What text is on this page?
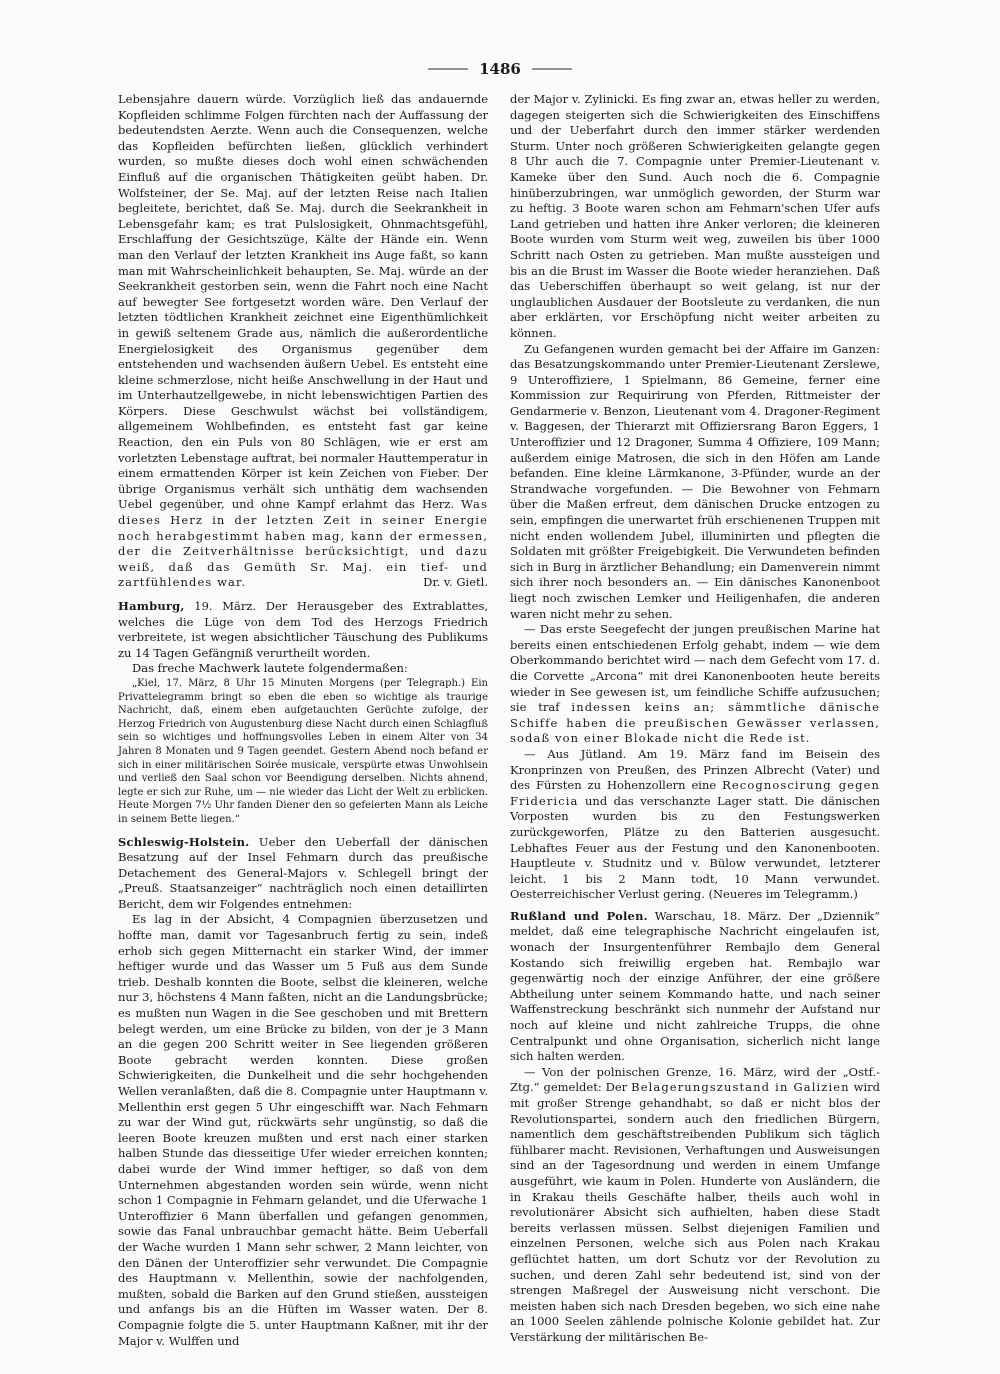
1486

Lebensjahre dauern würde. Vorzüglich ließ das andauernde Kopfleiden schlimme Folgen fürchten nach der Auffassung der bedeutendsten Aerzte. Wenn auch die Consequenzen, welche das Kopfleiden befürchten ließen, glücklich verhindert wurden, so mußte dieses doch wohl einen schwächenden Einfluß auf die organischen Thätigkeiten geübt haben. Dr. Wolfsteiner, der Se. Maj. auf der letzten Reise nach Italien begleitete, berichtet, daß Se. Maj. durch die Seekrankheit in Lebensgefahr kam; es trat Pulslosigkeit, Ohnmachtsgefühl, Erschlaffung der Gesichtszüge, Kälte der Hände ein. Wenn man den Verlauf der letzten Krankheit ins Auge faßt, so kann man mit Wahrscheinlichkeit behaupten, Se. Maj. würde an der Seekrankheit gestorben sein, wenn die Fahrt noch eine Nacht auf bewegter See fortgesetzt worden wäre. Den Verlauf der letzten tödtlichen Krankheit zeichnet eine Eigenthümlichkeit in gewiß seltenem Grade aus, nämlich die außerordentliche Energielosigkeit des Organismus gegenüber dem entstehenden und wachsenden äußern Uebel. Es entsteht eine kleine schmerzlose, nicht heiße Anschwellung in der Haut und im Unterhautzellgewebe, in nicht lebenswichtigen Partien des Körpers. Diese Geschwulst wächst bei vollständigem, allgemeinem Wohlbefinden, es entsteht fast gar keine Reaction, den ein Puls von 80 Schlägen, wie er erst am vorletzten Lebenstage auftrat, bei normaler Hauttemperatur in einem ermattenden Körper ist kein Zeichen von Fieber. Der übrige Organismus verhält sich unthätig dem wachsenden Uebel gegenüber, und ohne Kampf erlahmt das Herz. Was dieses Herz in der letzten Zeit in seiner Energie noch herabgestimmt haben mag, kann der ermessen, der die Zeitverhältnisse berücksichtigt, und dazu weiß, daß das Gemüth Sr. Maj. ein tief- und zartfühlendes war.	Dr. v. Gietl.

Hamburg, 19. März. Der Herausgeber des Extrablattes, welches die Lüge von dem Tod des Herzogs Friedrich verbreitete, ist wegen absichtlicher Täuschung des Publikums zu 14 Tagen Gefängniß verurtheilt worden.

Das freche Machwerk lautete folgendermaßen:

„Kiel, 17. März, 8 Uhr 15 Minuten Morgens (per Telegraph.) Ein Privattelegramm bringt so eben die eben so wichtige als traurige Nachricht, daß, einem eben aufgetauchten Gerüchte zufolge, der Herzog Friedrich von Augustenburg diese Nacht durch einen Schlagfluß sein so wichtiges und hoffnungsvolles Leben in einem Alter von 34 Jahren 8 Monaten und 9 Tagen geendet. Gestern Abend noch befand er sich in einer militärischen Soirée musicale, verspürte etwas Unwohlsein und verließ den Saal schon vor Beendigung derselben. Nichts ahnend, legte er sich zur Ruhe, um — nie wieder das Licht der Welt zu erblicken. Heute Morgen 7½ Uhr fanden Diener den so gefeierten Mann als Leiche in seinem Bette liegen.“

Schleswig-Holstein. Ueber den Ueberfall der dänischen Besatzung auf der Insel Fehmarn durch das preußische Detachement des General-Majors v. Schlegell bringt der „Preuß. Staatsanzeiger“ nachträglich noch einen detaillirten Bericht, dem wir Folgendes entnehmen:

Es lag in der Absicht, 4 Compagnien überzusetzen und hoffte man, damit vor Tagesanbruch fertig zu sein, indeß erhob sich gegen Mitternacht ein starker Wind, der immer heftiger wurde und das Wasser um 5 Fuß aus dem Sunde trieb. Deshalb konnten die Boote, selbst die kleineren, welche nur 3, höchstens 4 Mann faßten, nicht an die Landungsbrücke; es mußten nun Wagen in die See geschoben und mit Brettern belegt werden, um eine Brücke zu bilden, von der je 3 Mann an die gegen 200 Schritt weiter in See liegenden größeren Boote gebracht werden konnten. Diese großen Schwierigkeiten, die Dunkelheit und die sehr hochgehenden Wellen veranlaßten, daß die 8. Compagnie unter Hauptmann v. Mellenthin erst gegen 5 Uhr eingeschifft war. Nach Fehmarn zu war der Wind gut, rückwärts sehr ungünstig, so daß die leeren Boote kreuzen mußten und erst nach einer starken halben Stunde das diesseitige Ufer wieder erreichen konnten; dabei wurde der Wind immer heftiger, so daß von dem Unternehmen abgestanden worden sein würde, wenn nicht schon 1 Compagnie in Fehmarn gelandet, und die Uferwache 1 Unteroffizier 6 Mann überfallen und gefangen genommen, sowie das Fanal unbrauchbar gemacht hätte. Beim Ueberfall der Wache wurden 1 Mann sehr schwer, 2 Mann leichter, von den Dänen der Unteroffizier sehr verwundet. Die Compagnie des Hauptmann v. Mellenthin, sowie der nachfolgenden, mußten, sobald die Barken auf den Grund stießen, aussteigen und anfangs bis an die Hüften im Wasser waten. Der 8. Compagnie folgte die 5. unter Hauptmann Kaßner, mit ihr der Major v. Wulffen und

der Major v. Zylinicki. Es fing zwar an, etwas heller zu werden, dagegen steigerten sich die Schwierigkeiten des Einschiffens und der Ueberfahrt durch den immer stärker werdenden Sturm. Unter noch größeren Schwierigkeiten gelangte gegen 8 Uhr auch die 7. Compagnie unter Premier-Lieutenant v. Kameke über den Sund. Auch noch die 6. Compagnie hinüberzubringen, war unmöglich geworden, der Sturm war zu heftig. 3 Boote waren schon am Fehmarn'schen Ufer aufs Land getrieben und hatten ihre Anker verloren; die kleineren Boote wurden vom Sturm weit weg, zuweilen bis über 1000 Schritt nach Osten zu getrieben. Man mußte aussteigen und bis an die Brust im Wasser die Boote wieder heranziehen. Daß das Ueberschiffen überhaupt so weit gelang, ist nur der unglaublichen Ausdauer der Bootsleute zu verdanken, die nun aber erklärten, vor Erschöpfung nicht weiter arbeiten zu können.

Zu Gefangenen wurden gemacht bei der Affaire im Ganzen: das Besatzungskommando unter Premier-Lieutenant Zerslewe, 9 Unteroffiziere, 1 Spielmann, 86 Gemeine, ferner eine Kommission zur Requirirung von Pferden, Rittmeister der Gendarmerie v. Benzon, Lieutenant vom 4. Dragoner-Regiment v. Baggesen, der Thierarzt mit Offiziersrang Baron Eggers, 1 Unteroffizier und 12 Dragoner, Summa 4 Offiziere, 109 Mann; außerdem einige Matrosen, die sich in den Höfen am Lande befanden. Eine kleine Lärmkanone, 3-Pfünder, wurde an der Strandwache vorgefunden. — Die Bewohner von Fehmarn über die Maßen erfreut, dem dänischen Drucke entzogen zu sein, empfingen die unerwartet früh erschienenen Truppen mit nicht enden wollendem Jubel, illuminirten und pflegten die Soldaten mit größter Freigebigkeit. Die Verwundeten befinden sich in Burg in ärztlicher Behandlung; ein Damenverein nimmt sich ihrer noch besonders an. — Ein dänisches Kanonenboot liegt noch zwischen Lemker und Heiligenhafen, die anderen waren nicht mehr zu sehen.

— Das erste Seegefecht der jungen preußischen Marine hat bereits einen entschiedenen Erfolg gehabt, indem — wie dem Oberkommando berichtet wird — nach dem Gefecht vom 17. d. die Corvette „Arcona“ mit drei Kanonenbooten heute bereits wieder in See gewesen ist, um feindliche Schiffe aufzusuchen; sie traf indessen keins an; sämmtliche dänische Schiffe haben die preußischen Gewässer verlassen, sodaß von einer Blokade nicht die Rede ist.

— Aus Jütland. Am 19. März fand im Beisein des Kronprinzen von Preußen, des Prinzen Albrecht (Vater) und des Fürsten zu Hohenzollern eine Recognoscirung gegen Fridericia und das verschanzte Lager statt. Die dänischen Vorposten wurden bis zu den Festungswerken zurückgeworfen, Plätze zu den Batterien ausgesucht. Lebhaftes Feuer aus der Festung und den Kanonenbooten. Hauptleute v. Studnitz und v. Bülow verwundet, letzterer leicht. 1 bis 2 Mann todt, 10 Mann verwundet. Oesterreichischer Verlust gering. (Neueres im Telegramm.)

Rußland und Polen. Warschau, 18. März. Der „Dziennik“ meldet, daß eine telegraphische Nachricht eingelaufen ist, wonach der Insurgentenführer Rembajlo dem General Kostando sich freiwillig ergeben hat. Rembajlo war gegenwärtig noch der einzige Anführer, der eine größere Abtheilung unter seinem Kommando hatte, und nach seiner Waffenstreckung beschränkt sich nunmehr der Aufstand nur noch auf kleine und nicht zahlreiche Trupps, die ohne Centralpunkt und ohne Organisation, sicherlich nicht lange sich halten werden.

— Von der polnischen Grenze, 16. März, wird der „Ostf.-Ztg.“ gemeldet: Der Belagerungszustand in Galizien wird mit großer Strenge gehandhabt, so daß er nicht blos der Revolutionspartei, sondern auch den friedlichen Bürgern, namentlich dem geschäftstreibenden Publikum sich täglich fühlbarer macht. Revisionen, Verhaftungen und Ausweisungen sind an der Tagesordnung und werden in einem Umfange ausgeführt, wie kaum in Polen. Hunderte von Ausländern, die in Krakau theils Geschäfte halber, theils auch wohl in revolutionärer Absicht sich aufhielten, haben diese Stadt bereits verlassen müssen. Selbst diejenigen Familien und einzelnen Personen, welche sich aus Polen nach Krakau geflüchtet hatten, um dort Schutz vor der Revolution zu suchen, und deren Zahl sehr bedeutend ist, sind von der strengen Maßregel der Ausweisung nicht verschont. Die meisten haben sich nach Dresden begeben, wo sich eine nahe an 1000 Seelen zählende polnische Kolonie gebildet hat. Zur Verstärkung der militärischen Be-
